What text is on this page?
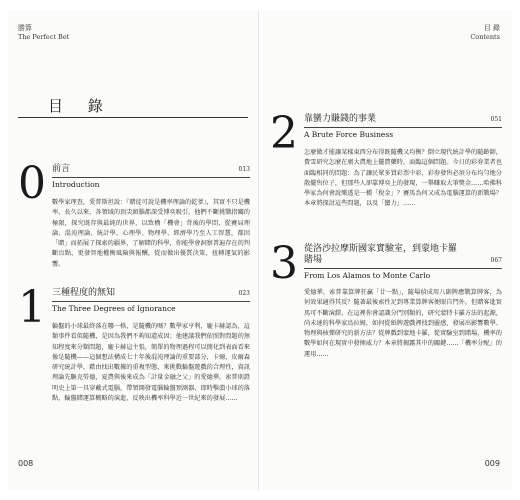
勝算
The Perfect Bet
目 錄
0 前言	013
Introduction
數學家理查，愛普斯坦說：『賭徒可說是機率理論的乾爹』，其實不只是機率，長久以來，各領域的頂尖頭腦都深受博奕吸引，他們不斷挑戰指關的極限，探究既存與最純的世界，以致構「機會」背後的學問，從賽局理論、混沌理論、統計學、心理學、物理學、經濟學乃至人工智慧，都因「賭」而拓展了探索的疆界，了解賭的科學，你能學會洞察普遍存在的判斷盲點，更發智地權衡風險與報酬，從而做出優質決策，扭轉運氣的影響。
1 三種程度的無知	023
The Three Degrees of Ignorance
輪盤的小球最終落在哪一格，是隨機的嗎？數學家亨利，龐卡赫認為，這類事件看似隨機，是因為我們不夠知道成因；他建議我們依照對問題的無知程度來分類問題，龐卡赫這主張，簡單的物理過程可以簡化到表面看來像是隨機——這個想法構成七十年後混沌理論的重要部分，卡爾，皮爾森研究統計學，藉由找出數據的重複型態，來挑戰輪盤遊戲的合理性，資訊理論先驅克勞德，夏農與後來成為「計量金融之父」的愛德華，索普則證明史上第一具穿戴式電腦，帶領開發電腦輪盤預測器，即時擊潰小球的落點，輪盤賭運算概略的演進，反映出機率科學近一世紀來的發展……
008
目 錄
Contents
2 靠蠻力賺錢的事業	051
A Brute Force Business
怎麼做才能讓某樣東西分布得既隨機又均衡？倒立現代統計學的隨齡師，費雪研究怎麼在廣大農地上擺農藥時，面臨這個問題。今日的彩券業者也面臨相同的問題：為了讓民眾多買彩票中彩，彩券發售必須分布均勻地分散擺售位子，但那些人卻靠博奕上的發現，一舉賺取大筆獎金……哈佛科學家為何會說樂透是一種「稅金」？賽馬為何又成為電腦運算的新戰場？本章將探討這些問題，以及「蠻力」……
3 從洛沙拉摩斯國家實驗室，到蒙地卡羅賭場	067
From Los Alamos to Monte Carlo
愛德華，索普靠算牌狂贏「廿一點」，隨場偵成用八副牌應戰算牌客，為何效果適得其反？隨著最後索性足到專業算牌客便眼自門外，但賭客進實馬可不斷演繹，在這裡你會認識分門別類的，研究蒙特卡羅方法的起源，尚未達的科學家鳥拉姆，如何從紙牌遊戲裡找到靈感，發展出影響數學、物理與核彈研究的新方法？從牌戲到蒙地卡羅，從實驗室到賭場，機率的數學如何在現實中發揮威力？本章將揭露其中的關鍵……「機率分配」的運用……
009
